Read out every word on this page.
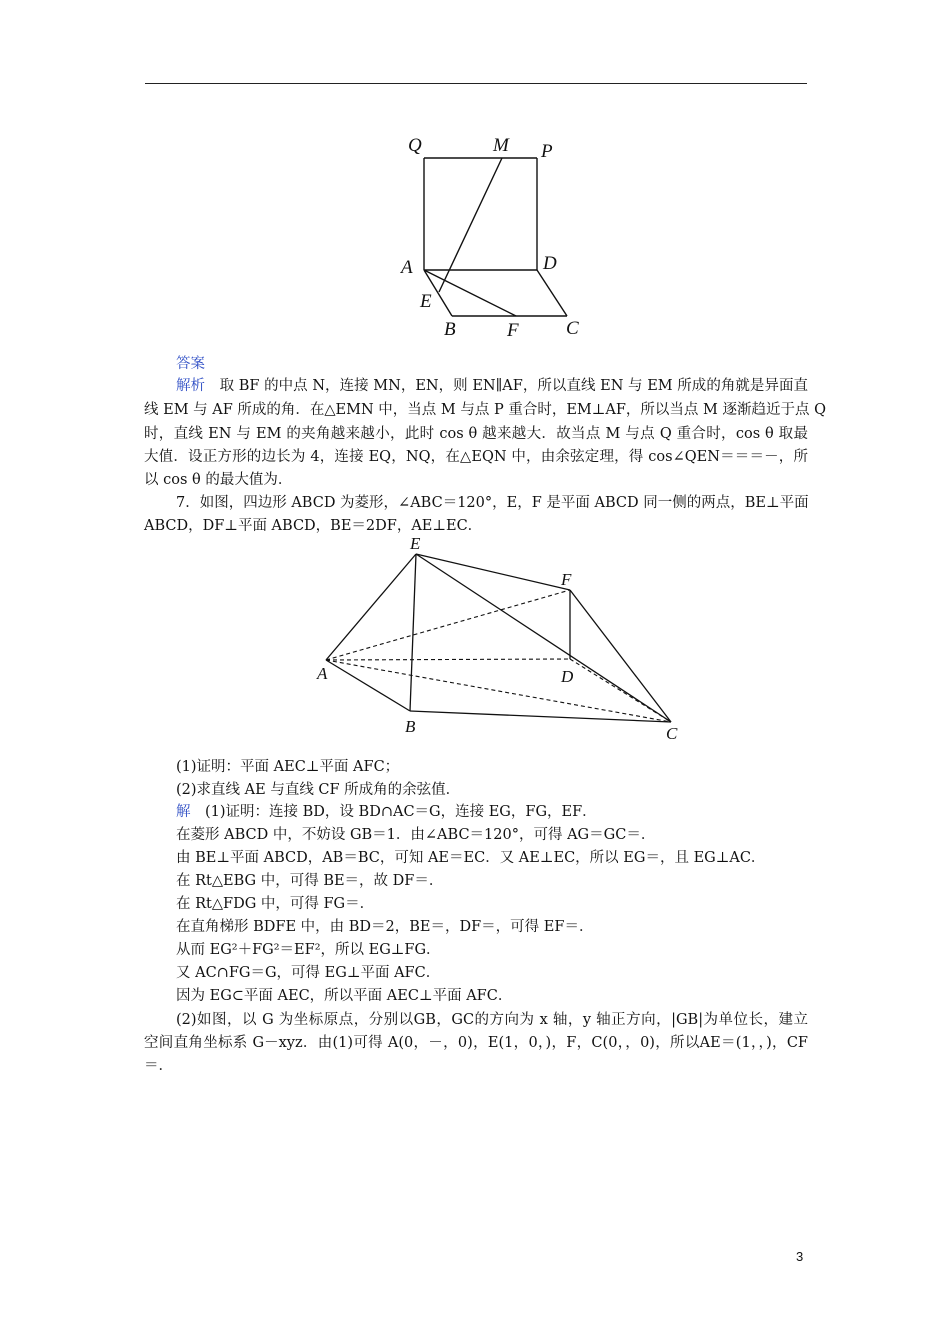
Q	M P
A	D
E
B	F C
答案
解析　 取 BF 的中点 N，连接 MN，EN，则 EN∥AF，所以直线 EN 与 EM 所成的角就是异面直
线 EM 与 AF 所成的角．在△EMN 中，当点 M 与点 P 重合时，EM⊥AF，所以当点 M 逐渐趋近于点 Q
时，直线 EN 与 EM 的夹角越来越小，此时 cos θ 越来越大．故当点 M 与点 Q 重合时，cos θ 取最
大值．设正方形的边长为 4，连接 EQ，NQ，在△EQN 中，由余弦定理，得 cos∠QEN＝＝＝－，所
以 cos θ 的最大值为．
7．如图，四边形 ABCD 为菱形，∠ABC＝120°，E，F 是平面 ABCD 同一侧的两点，BE⊥平面
ABCD，DF⊥平面 ABCD，BE＝2DF，AE⊥EC．
E
F
A	D
B	C
(1)证明：平面 AEC⊥平面 AFC；
(2)求直线 AE 与直线 CF 所成角的余弦值．
解　 (1)证明：连接 BD，设 BD∩AC＝G，连接 EG，FG，EF．
在菱形 ABCD 中，不妨设 GB＝1．由∠ABC＝120°，可得 AG＝GC＝．
由 BE⊥平面 ABCD，AB＝BC，可知 AE＝EC．又 AE⊥EC，所以 EG＝，且 EG⊥AC．
在 Rt△EBG 中，可得 BE＝，故 DF＝．
在 Rt△FDG 中，可得 FG＝．
在直角梯形 BDFE 中，由 BD＝2，BE＝，DF＝，可得 EF＝．
从而 EG²＋FG²＝EF²，所以 EG⊥FG．
又 AC∩FG＝G，可得 EG⊥平面 AFC．
因为 EG⊂平面 AEC，所以平面 AEC⊥平面 AFC．
(2)如图，以 G 为坐标原点，分别以GB，GC的方向为 x 轴，y 轴正方向，|GB|为单位长，建立
空间直角坐标系 G－xyz．由(1)可得 A(0，－，0)，E(1，0，)，F，C(0，，0)，所以AE＝(1，，)，CF
＝．
3
